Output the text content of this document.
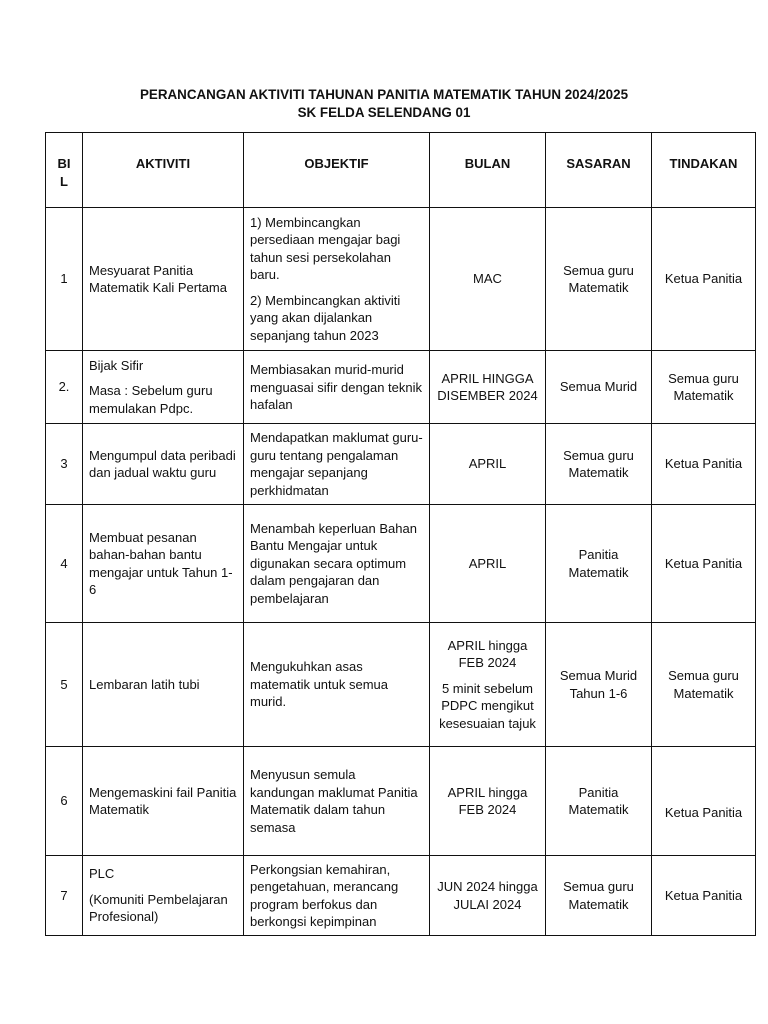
PERANCANGAN AKTIVITI TAHUNAN PANITIA MATEMATIK TAHUN 2024/2025
SK FELDA SELENDANG 01
BI
L	AKTIVITI	OBJEKTIF	BULAN	SASARAN	TINDAKAN
1	Mesyuarat Panitia Matematik Kali Pertama	1) Membincangkan persediaan mengajar bagi tahun sesi persekolahan baru.

2) Membincangkan aktiviti yang akan dijalankan sepanjang tahun 2023	MAC	Semua guru Matematik	Ketua Panitia
2.	Bijak Sifir

Masa : Sebelum guru memulakan Pdpc.	Membiasakan murid-murid menguasai sifir dengan teknik hafalan	APRIL HINGGA DISEMBER 2024	Semua Murid	Semua guru Matematik
3	Mengumpul data peribadi dan jadual waktu guru	Mendapatkan maklumat guru-guru tentang pengalaman mengajar sepanjang perkhidmatan	APRIL	Semua guru Matematik	Ketua Panitia
4	Membuat pesanan bahan-bahan bantu mengajar untuk Tahun 1-6	Menambah keperluan Bahan Bantu Mengajar untuk digunakan secara optimum dalam pengajaran dan pembelajaran	APRIL	Panitia Matematik	Ketua Panitia
5	Lembaran latih tubi	Mengukuhkan asas matematik untuk semua murid.	APRIL hingga FEB 2024

5 minit sebelum PDPC mengikut kesesuaian tajuk	Semua Murid Tahun 1-6	Semua guru Matematik
6	Mengemaskini fail Panitia Matematik	Menyusun semula kandungan maklumat Panitia Matematik dalam tahun semasa	APRIL hingga FEB 2024	Panitia Matematik	Ketua Panitia
7	PLC

(Komuniti Pembelajaran Profesional)	Perkongsian kemahiran, pengetahuan, merancang program berfokus dan berkongsi kepimpinan	JUN 2024 hingga JULAI 2024	Semua guru Matematik	Ketua Panitia
